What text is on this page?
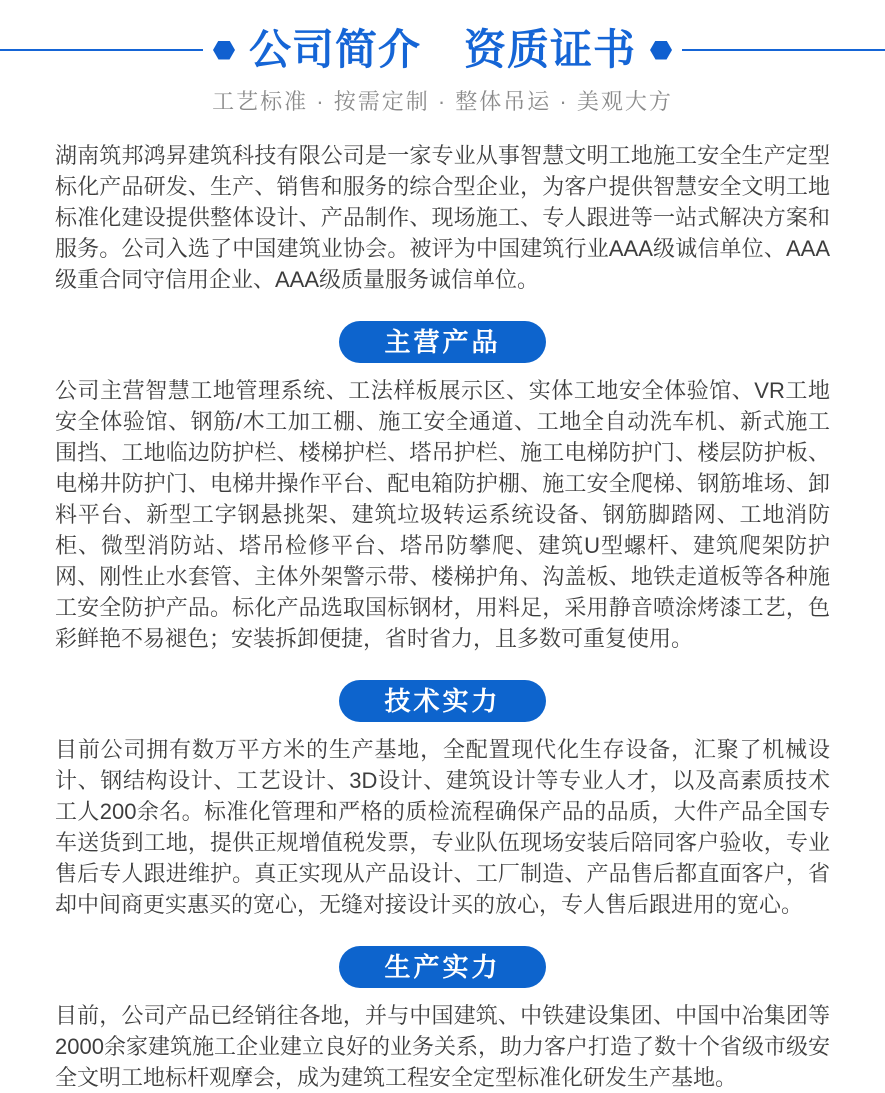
公司简介　资质证书
工艺标准 · 按需定制 · 整体吊运 · 美观大方

湖南筑邦鸿昇建筑科技有限公司是一家专业从事智慧文明工地施工安全生产定型标化产品研发、生产、销售和服务的综合型企业，为客户提供智慧安全文明工地标准化建设提供整体设计、产品制作、现场施工、专人跟进等一站式解决方案和服务。公司入选了中国建筑业协会。被评为中国建筑行业AAA级诚信单位、AAA级重合同守信用企业、AAA级质量服务诚信单位。

主营产品

公司主营智慧工地管理系统、工法样板展示区、实体工地安全体验馆、VR工地安全体验馆、钢筋/木工加工棚、施工安全通道、工地全自动洗车机、新式施工围挡、工地临边防护栏、楼梯护栏、塔吊护栏、施工电梯防护门、楼层防护板、电梯井防护门、电梯井操作平台、配电箱防护棚、施工安全爬梯、钢筋堆场、卸料平台、新型工字钢悬挑架、建筑垃圾转运系统设备、钢筋脚踏网、工地消防柜、微型消防站、塔吊检修平台、塔吊防攀爬、建筑U型螺杆、建筑爬架防护网、刚性止水套管、主体外架警示带、楼梯护角、沟盖板、地铁走道板等各种施工安全防护产品。标化产品选取国标钢材，用料足，采用静音喷涂烤漆工艺，色彩鲜艳不易褪色；安装拆卸便捷，省时省力，且多数可重复使用。

技术实力

目前公司拥有数万平方米的生产基地，全配置现代化生存设备，汇聚了机械设计、钢结构设计、工艺设计、3D设计、建筑设计等专业人才，以及高素质技术工人200余名。标准化管理和严格的质检流程确保产品的品质，大件产品全国专车送货到工地，提供正规增值税发票，专业队伍现场安装后陪同客户验收，专业售后专人跟进维护。真正实现从产品设计、工厂制造、产品售后都直面客户，省却中间商更实惠买的宽心，无缝对接设计买的放心，专人售后跟进用的宽心。

生产实力

目前，公司产品已经销往各地，并与中国建筑、中铁建设集团、中国中冶集团等2000余家建筑施工企业建立良好的业务关系，助力客户打造了数十个省级市级安全文明工地标杆观摩会，成为建筑工程安全定型标准化研发生产基地。
